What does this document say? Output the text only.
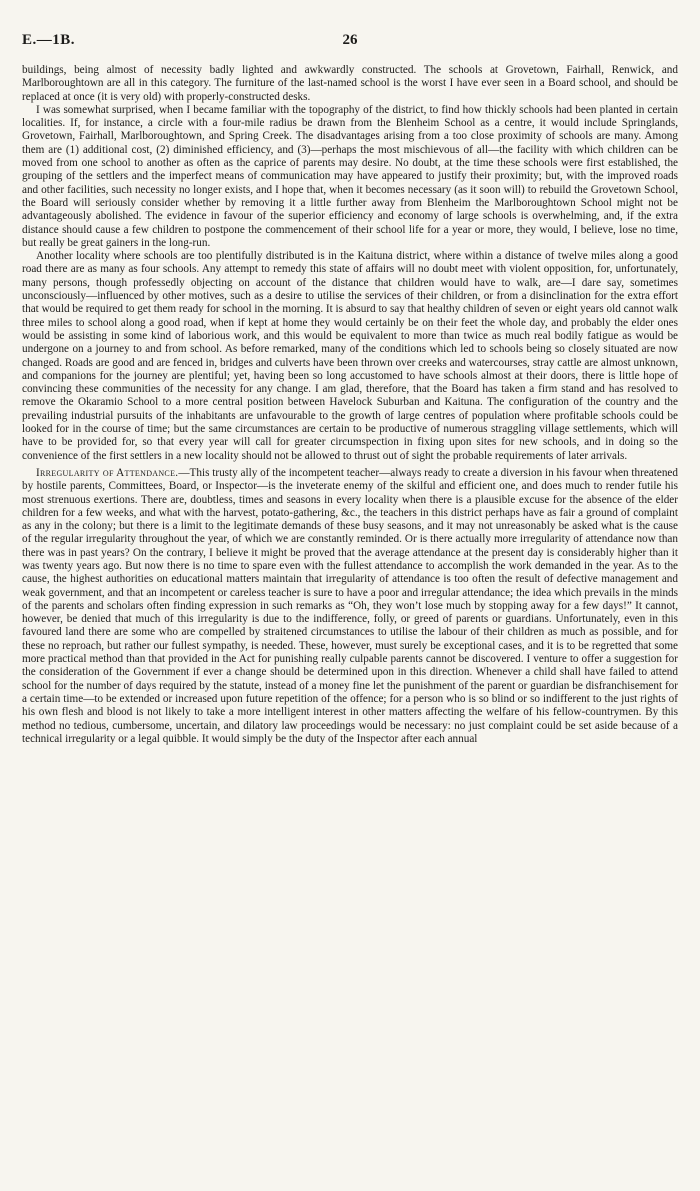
E.—1B.	26

buildings, being almost of necessity badly lighted and awkwardly constructed. The schools at Grovetown, Fairhall, Renwick, and Marlboroughtown are all in this category. The furniture of the last-named school is the worst I have ever seen in a Board school, and should be replaced at once (it is very old) with properly-constructed desks.

I was somewhat surprised, when I became familiar with the topography of the district, to find how thickly schools had been planted in certain localities. If, for instance, a circle with a four-mile radius be drawn from the Blenheim School as a centre, it would include Springlands, Grovetown, Fairhall, Marlboroughtown, and Spring Creek. The disadvantages arising from a too close proximity of schools are many. Among them are (1) additional cost, (2) diminished efficiency, and (3)—perhaps the most mischievous of all—the facility with which children can be moved from one school to another as often as the caprice of parents may desire. No doubt, at the time these schools were first established, the grouping of the settlers and the imperfect means of communication may have appeared to justify their proximity; but, with the improved roads and other facilities, such necessity no longer exists, and I hope that, when it becomes necessary (as it soon will) to rebuild the Grovetown School, the Board will seriously consider whether by removing it a little further away from Blenheim the Marlboroughtown School might not be advantageously abolished. The evidence in favour of the superior efficiency and economy of large schools is overwhelming, and, if the extra distance should cause a few children to postpone the commencement of their school life for a year or more, they would, I believe, lose no time, but really be great gainers in the long-run.

Another locality where schools are too plentifully distributed is in the Kaituna district, where within a distance of twelve miles along a good road there are as many as four schools. Any attempt to remedy this state of affairs will no doubt meet with violent opposition, for, unfortunately, many persons, though professedly objecting on account of the distance that children would have to walk, are—I dare say, sometimes unconsciously—influenced by other motives, such as a desire to utilise the services of their children, or from a disinclination for the extra effort that would be required to get them ready for school in the morning. It is absurd to say that healthy children of seven or eight years old cannot walk three miles to school along a good road, when if kept at home they would certainly be on their feet the whole day, and probably the elder ones would be assisting in some kind of laborious work, and this would be equivalent to more than twice as much real bodily fatigue as would be undergone on a journey to and from school. As before remarked, many of the conditions which led to schools being so closely situated are now changed. Roads are good and are fenced in, bridges and culverts have been thrown over creeks and watercourses, stray cattle are almost unknown, and companions for the journey are plentiful; yet, having been so long accustomed to have schools almost at their doors, there is little hope of convincing these communities of the necessity for any change. I am glad, therefore, that the Board has taken a firm stand and has resolved to remove the Okaramio School to a more central position between Havelock Suburban and Kaituna. The configuration of the country and the prevailing industrial pursuits of the inhabitants are unfavourable to the growth of large centres of population where profitable schools could be looked for in the course of time; but the same circumstances are certain to be productive of numerous straggling village settlements, which will have to be provided for, so that every year will call for greater circumspection in fixing upon sites for new schools, and in doing so the convenience of the first settlers in a new locality should not be allowed to thrust out of sight the probable requirements of later arrivals.

Irregularity of Attendance.—This trusty ally of the incompetent teacher—always ready to create a diversion in his favour when threatened by hostile parents, Committees, Board, or Inspector—is the inveterate enemy of the skilful and efficient one, and does much to render futile his most strenuous exertions. There are, doubtless, times and seasons in every locality when there is a plausible excuse for the absence of the elder children for a few weeks, and what with the harvest, potato-gathering, &c., the teachers in this district perhaps have as fair a ground of complaint as any in the colony; but there is a limit to the legitimate demands of these busy seasons, and it may not unreasonably be asked what is the cause of the regular irregularity throughout the year, of which we are constantly reminded. Or is there actually more irregularity of attendance now than there was in past years? On the contrary, I believe it might be proved that the average attendance at the present day is considerably higher than it was twenty years ago. But now there is no time to spare even with the fullest attendance to accomplish the work demanded in the year. As to the cause, the highest authorities on educational matters maintain that irregularity of attendance is too often the result of defective management and weak government, and that an incompetent or careless teacher is sure to have a poor and irregular attendance; the idea which prevails in the minds of the parents and scholars often finding expression in such remarks as “Oh, they won’t lose much by stopping away for a few days!” It cannot, however, be denied that much of this irregularity is due to the indifference, folly, or greed of parents or guardians. Unfortunately, even in this favoured land there are some who are compelled by straitened circumstances to utilise the labour of their children as much as possible, and for these no reproach, but rather our fullest sympathy, is needed. These, however, must surely be exceptional cases, and it is to be regretted that some more practical method than that provided in the Act for punishing really culpable parents cannot be discovered. I venture to offer a suggestion for the consideration of the Government if ever a change should be determined upon in this direction. Whenever a child shall have failed to attend school for the number of days required by the statute, instead of a money fine let the punishment of the parent or guardian be disfranchisement for a certain time—to be extended or increased upon future repetition of the offence; for a person who is so blind or so indifferent to the just rights of his own flesh and blood is not likely to take a more intelligent interest in other matters affecting the welfare of his fellow-countrymen. By this method no tedious, cumbersome, uncertain, and dilatory law proceedings would be necessary: no just complaint could be set aside because of a technical irregularity or a legal quibble. It would simply be the duty of the Inspector after each annual
